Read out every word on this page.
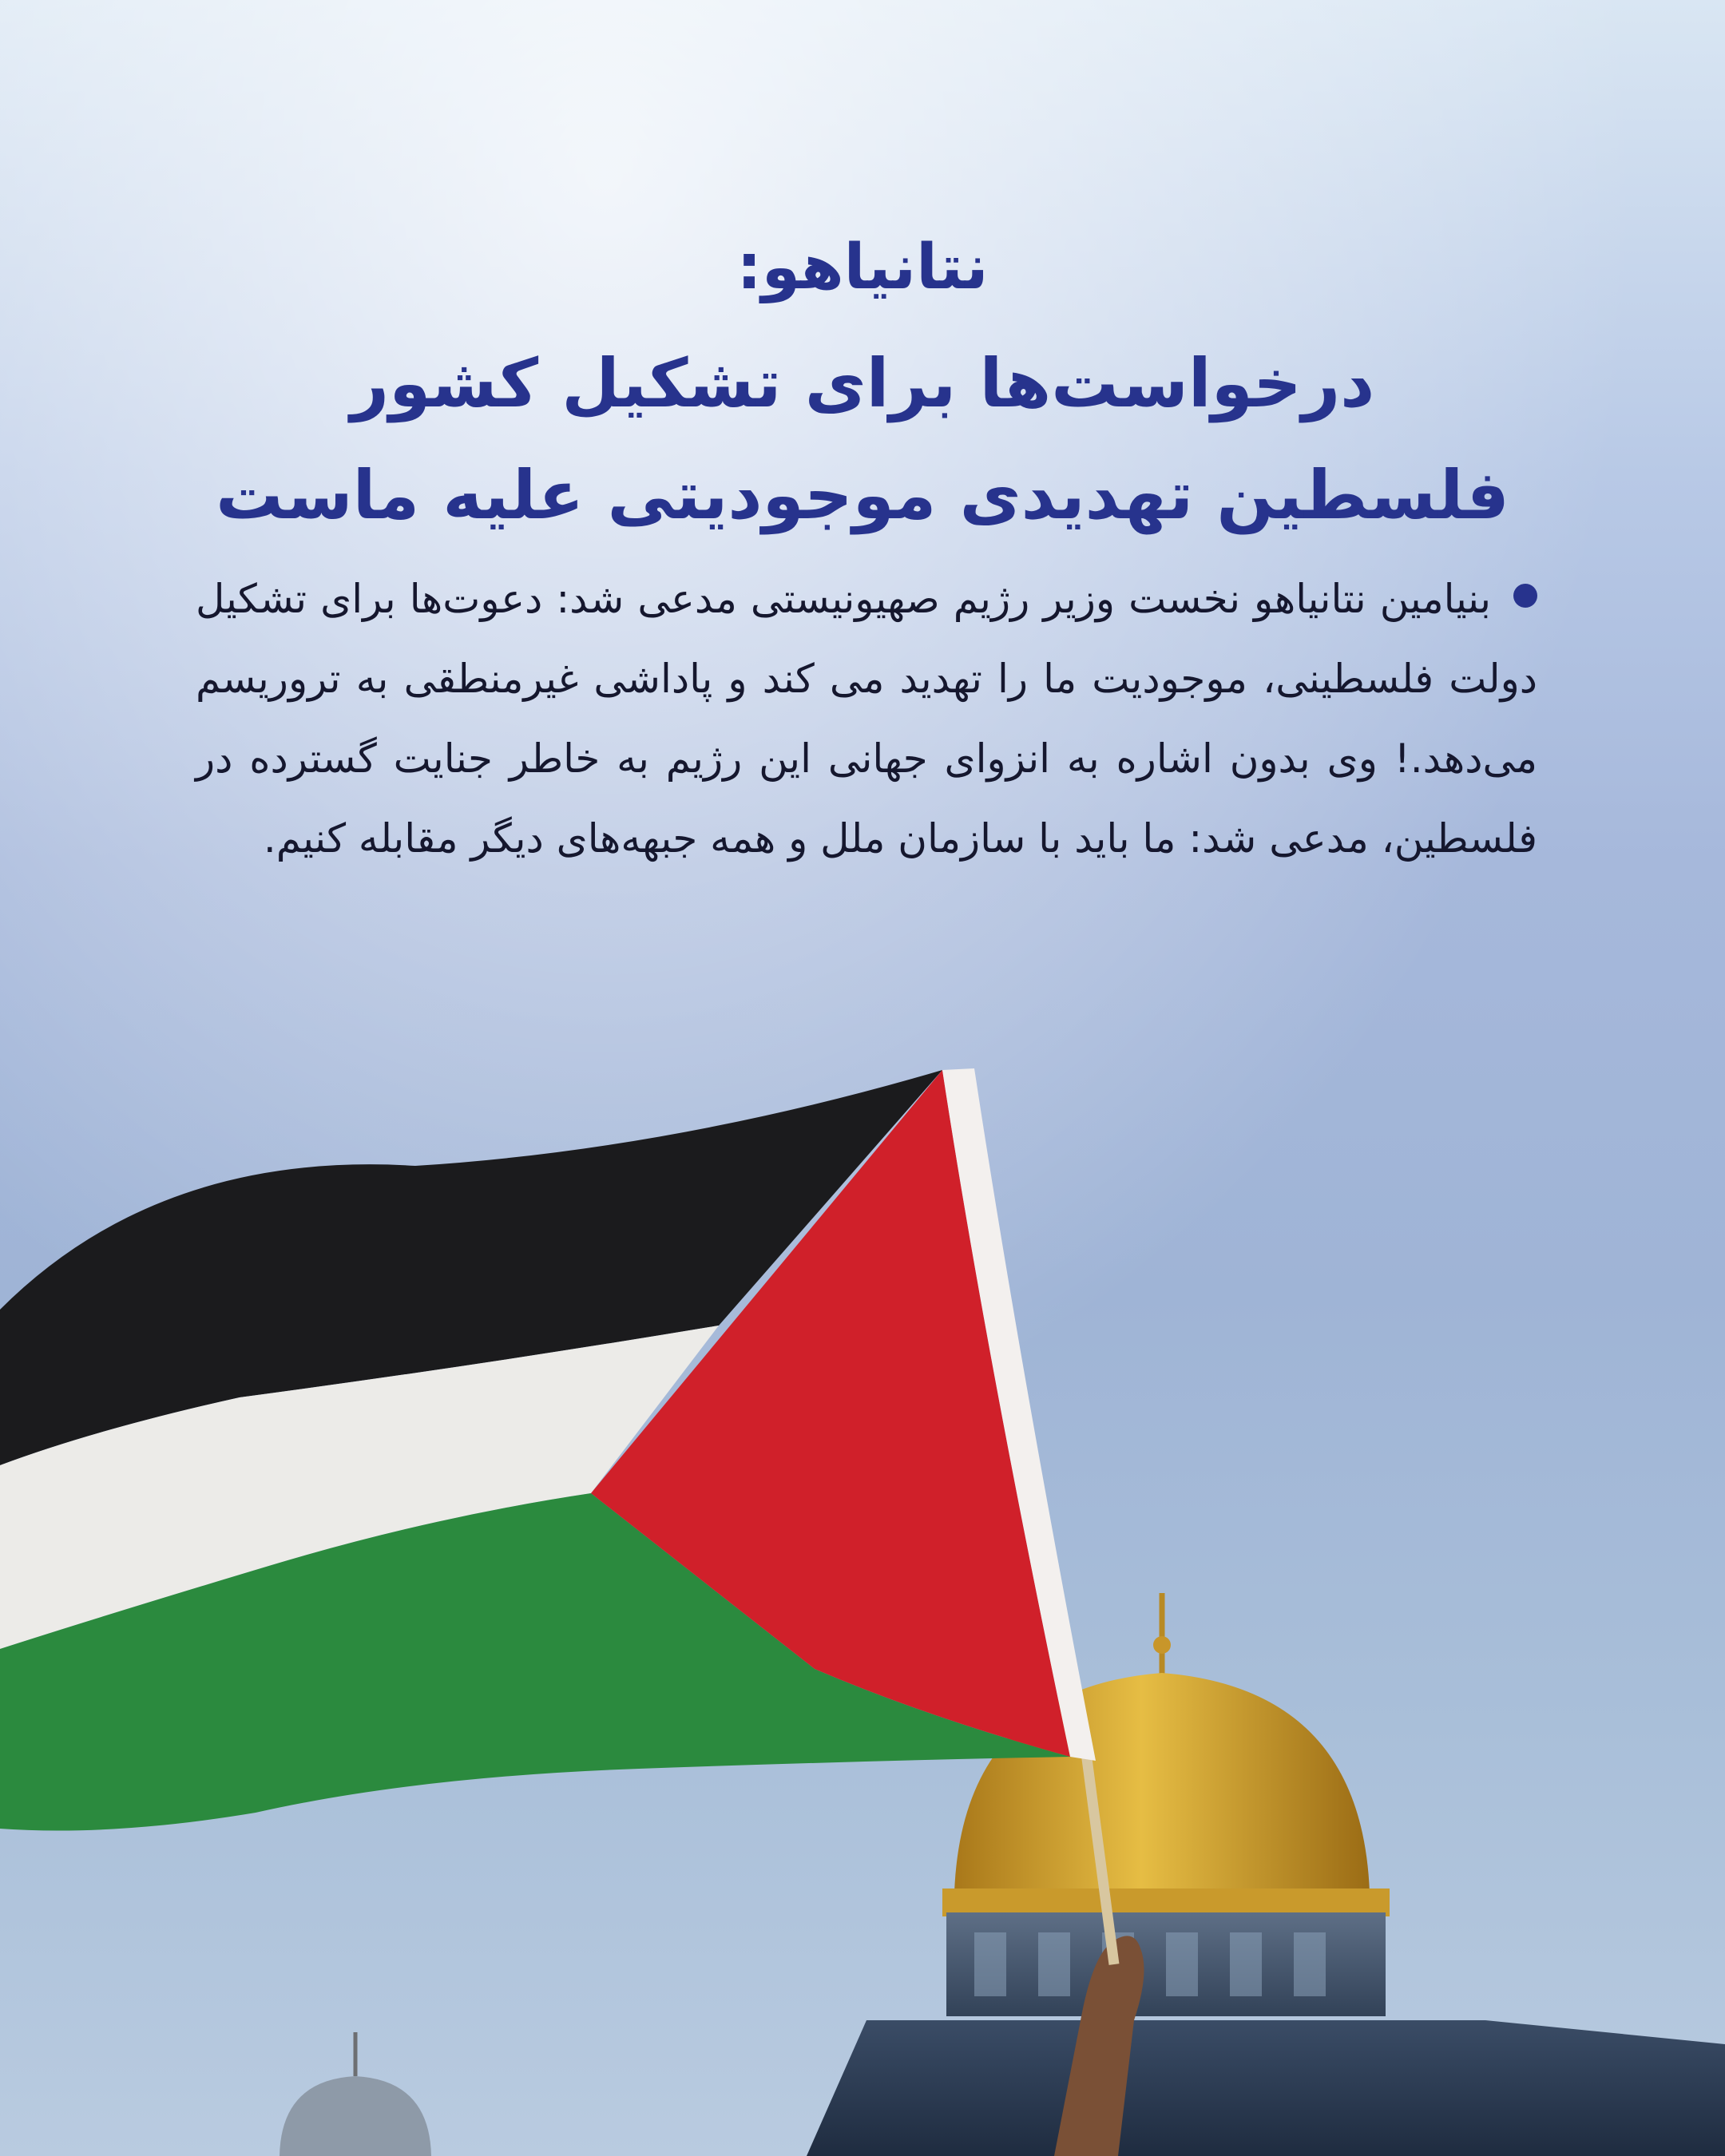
نتانیاهو:

درخواست‌ها برای تشکیل کشور

فلسطین تهدیدی موجودیتی علیه ماست

بنیامین نتانیاهو نخست وزیر رژیم صهیونیستی مدعی شد: دعوت‌ها برای تشکیل دولت فلسطینی، موجودیت ما را تهدید می کند و پاداشی غیرمنطقی به تروریسم می‌دهد.! وی بدون اشاره به انزوای جهانی این رژیم به خاطر جنایت گسترده در فلسطین، مدعی شد: ما باید با سازمان ملل و همه جبهه‌های دیگر مقابله کنیم.
